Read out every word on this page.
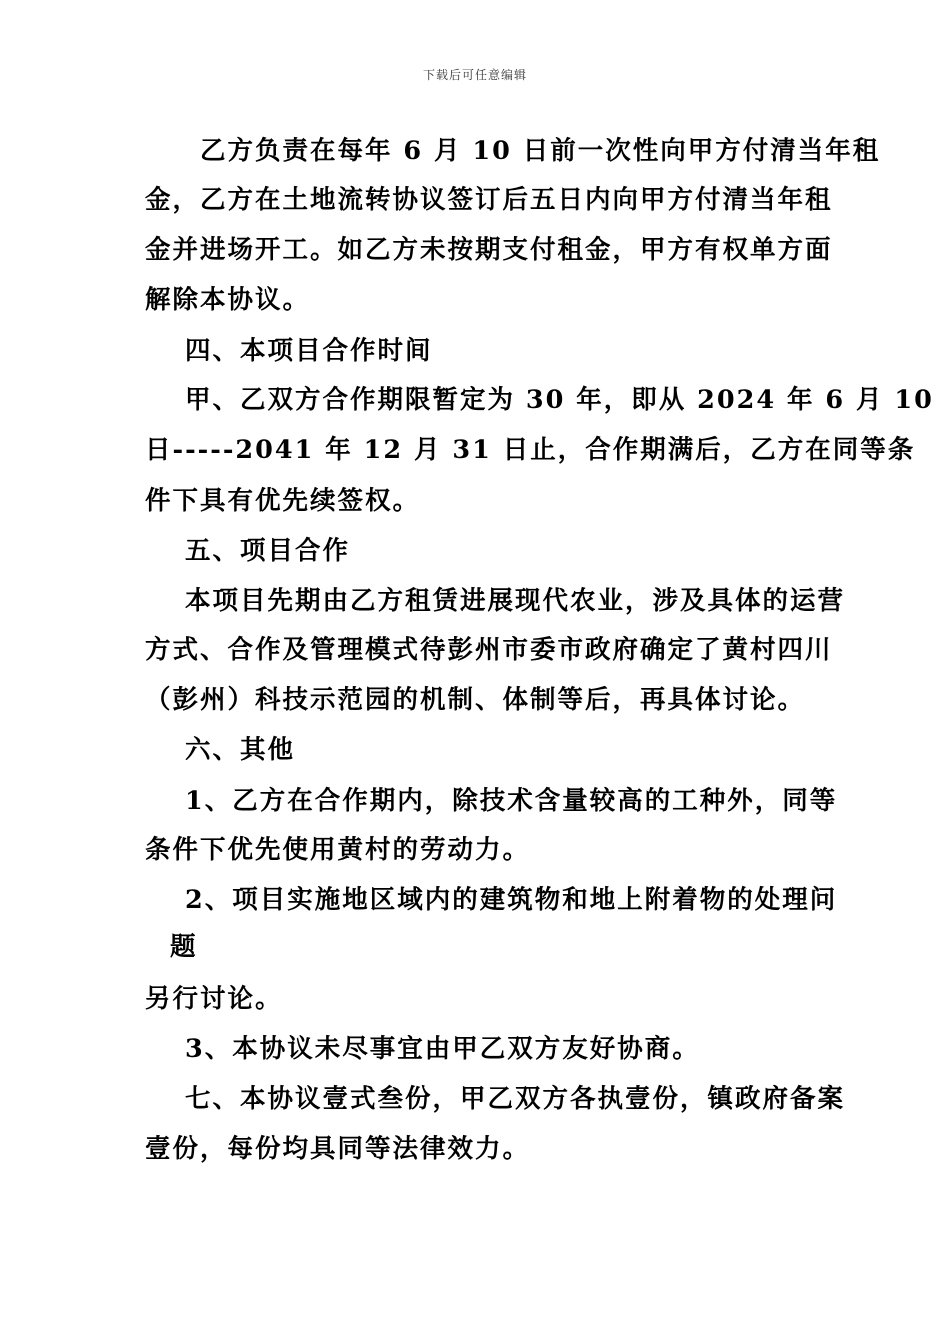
下载后可任意编辑
乙方负责在每年 6 月 10 日前一次性向甲方付清当年租
金，乙方在土地流转协议签订后五日内向甲方付清当年租
金并进场开工。如乙方未按期支付租金，甲方有权单方面
解除本协议。
四、本项目合作时间
甲、乙双方合作期限暂定为 30 年，即从 2024 年 6 月 10
日-----2041 年 12 月 31 日止，合作期满后，乙方在同等条
件下具有优先续签权。
五、项目合作
本项目先期由乙方租赁进展现代农业，涉及具体的运营
方式、合作及管理模式待彭州市委市政府确定了黄村四川
（彭州）科技示范园的机制、体制等后，再具体讨论。
六、其他
1、乙方在合作期内，除技术含量较高的工种外，同等
条件下优先使用黄村的劳动力。
2、项目实施地区域内的建筑物和地上附着物的处理问
题
另行讨论。
3、本协议未尽事宜由甲乙双方友好协商。
七、本协议壹式叁份，甲乙双方各执壹份，镇政府备案
壹份，每份均具同等法律效力。
